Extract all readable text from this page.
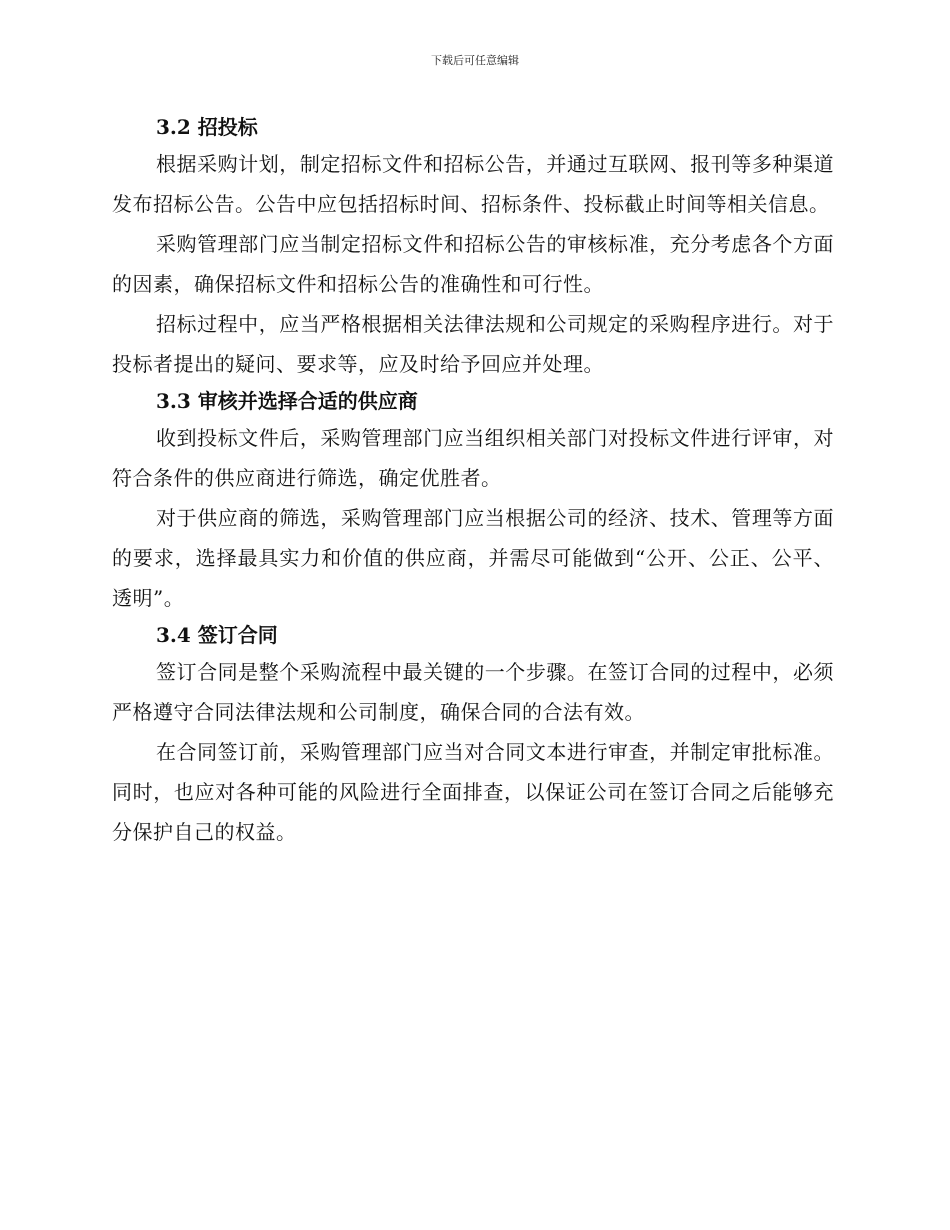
下载后可任意编辑
3.2 招投标

根据采购计划，制定招标文件和招标公告，并通过互联网、报刊等多种渠道发布招标公告。公告中应包括招标时间、招标条件、投标截止时间等相关信息。

采购管理部门应当制定招标文件和招标公告的审核标准，充分考虑各个方面的因素，确保招标文件和招标公告的准确性和可行性。

招标过程中，应当严格根据相关法律法规和公司规定的采购程序进行。对于投标者提出的疑问、要求等，应及时给予回应并处理。

3.3 审核并选择合适的供应商

收到投标文件后，采购管理部门应当组织相关部门对投标文件进行评审，对符合条件的供应商进行筛选，确定优胜者。

对于供应商的筛选，采购管理部门应当根据公司的经济、技术、管理等方面的要求，选择最具实力和价值的供应商，并需尽可能做到“公开、公正、公平、透明”。

3.4 签订合同

签订合同是整个采购流程中最关键的一个步骤。在签订合同的过程中，必须严格遵守合同法律法规和公司制度，确保合同的合法有效。

在合同签订前，采购管理部门应当对合同文本进行审查，并制定审批标准。同时，也应对各种可能的风险进行全面排查，以保证公司在签订合同之后能够充分保护自己的权益。
